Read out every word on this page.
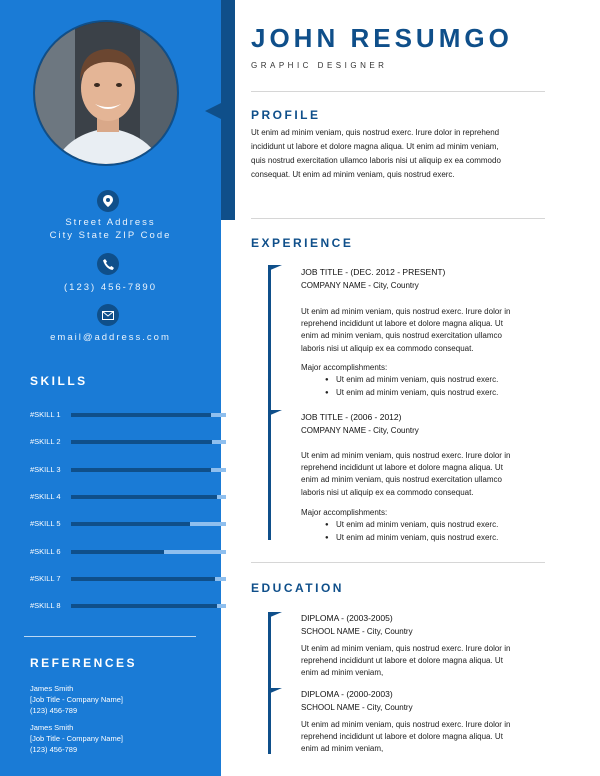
Street Address
City State ZIP Code
(123) 456-7890
email@address.com
SKILLS
#SKILL 1
#SKILL 2
#SKILL 3
#SKILL 4
#SKILL 5
#SKILL 6
#SKILL 7
#SKILL 8
REFERENCES
James Smith
[Job Title - Company Name]
(123) 456-789
James Smith
[Job Title - Company Name]
(123) 456-789
JOHN RESUMGO
GRAPHIC DESIGNER
PROFILE
Ut enim ad minim veniam, quis nostrud exerc. Irure dolor in reprehend
incididunt ut labore et dolore magna aliqua. Ut enim ad minim veniam,
quis nostrud exercitation ullamco laboris nisi ut aliquip ex ea commodo
consequat. Ut enim ad minim veniam, quis nostrud exerc.
EXPERIENCE
JOB TITLE - (DEC. 2012 - PRESENT)
COMPANY NAME - City, Country
Ut enim ad minim veniam, quis nostrud exerc. Irure dolor in
reprehend incididunt ut labore et dolore magna aliqua. Ut
enim ad minim veniam, quis nostrud exercitation ullamco
laboris nisi ut aliquip ex ea commodo consequat.
Major accomplishments:
● Ut enim ad minim veniam, quis nostrud exerc.
● Ut enim ad minim veniam, quis nostrud exerc.
JOB TITLE - (2006 - 2012)
COMPANY NAME - City, Country
Ut enim ad minim veniam, quis nostrud exerc. Irure dolor in
reprehend incididunt ut labore et dolore magna aliqua. Ut
enim ad minim veniam, quis nostrud exercitation ullamco
laboris nisi ut aliquip ex ea commodo consequat.
Major accomplishments:
● Ut enim ad minim veniam, quis nostrud exerc.
● Ut enim ad minim veniam, quis nostrud exerc.
EDUCATION
DIPLOMA - (2003-2005)
SCHOOL NAME - City, Country
Ut enim ad minim veniam, quis nostrud exerc. Irure dolor in
reprehend incididunt ut labore et dolore magna aliqua. Ut
enim ad minim veniam,
DIPLOMA - (2000-2003)
SCHOOL NAME - City, Country
Ut enim ad minim veniam, quis nostrud exerc. Irure dolor in
reprehend incididunt ut labore et dolore magna aliqua. Ut
enim ad minim veniam,
